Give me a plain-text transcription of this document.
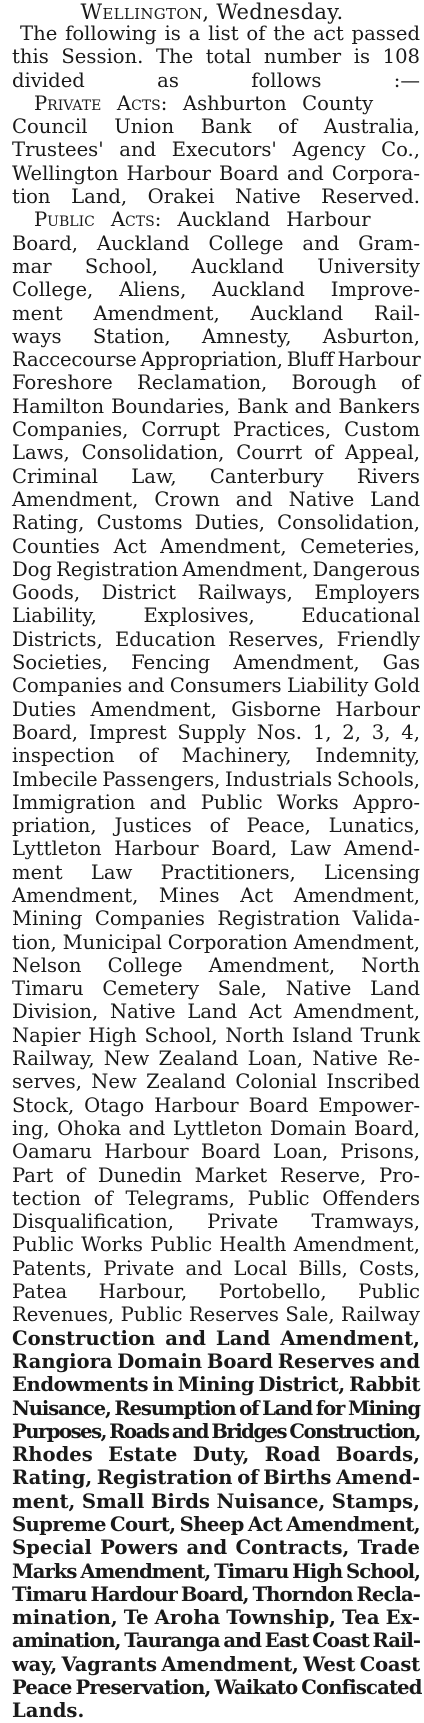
Wellington, Wednesday.
The following is a list of the act passed
this Session. The total number is 108
divided as follows :—
Private Acts: Ashburton County
Council Union Bank of Australia,
Trustees' and Executors' Agency Co.,
Wellington Harbour Board and Corpora-
tion Land, Orakei Native Reserved.
Public Acts: Auckland Harbour
Board, Auckland College and Gram-
mar School, Auckland University
College, Aliens, Auckland Improve-
ment Amendment, Auckland Rail-
ways Station, Amnesty, Asburton,
Raccecourse Appropriation, Bluff Harbour
Foreshore Reclamation, Borough of
Hamilton Boundaries, Bank and Bankers
Companies, Corrupt Practices, Custom
Laws, Consolidation, Courrt of Appeal,
Criminal Law, Canterbury Rivers
Amendment, Crown and Native Land
Rating, Customs Duties, Consolidation,
Counties Act Amendment, Cemeteries,
Dog Registration Amendment, Dangerous
Goods, District Railways, Employers
Liability, Explosives, Educational
Districts, Education Reserves, Friendly
Societies, Fencing Amendment, Gas
Companies and Consumers Liability Gold
Duties Amendment, Gisborne Harbour
Board, Imprest Supply Nos. 1, 2, 3, 4,
inspection of Machinery, Indemnity,
Imbecile Passengers, Industrials Schools,
Immigration and Public Works Appro-
priation, Justices of Peace, Lunatics,
Lyttleton Harbour Board, Law Amend-
ment Law Practitioners, Licensing
Amendment, Mines Act Amendment,
Mining Companies Registration Valida-
tion, Municipal Corporation Amendment,
Nelson College Amendment, North
Timaru Cemetery Sale, Native Land
Division, Native Land Act Amendment,
Napier High School, North Island Trunk
Railway, New Zealand Loan, Native Re-
serves, New Zealand Colonial Inscribed
Stock, Otago Harbour Board Empower-
ing, Ohoka and Lyttleton Domain Board,
Oamaru Harbour Board Loan, Prisons,
Part of Dunedin Market Reserve, Pro-
tection of Telegrams, Public Offenders
Disqualification, Private Tramways,
Public Works Public Health Amendment,
Patents, Private and Local Bills, Costs,
Patea Harbour, Portobello, Public
Revenues, Public Reserves Sale, Railway
Construction and Land Amendment,
Rangiora Domain Board Reserves and
Endowments in Mining District, Rabbit
Nuisance, Resumption of Land for Mining
Purposes, Roads and Bridges Construction,
Rhodes Estate Duty, Road Boards,
Rating, Registration of Births Amend-
ment, Small Birds Nuisance, Stamps,
Supreme Court, Sheep Act Amendment,
Special Powers and Contracts, Trade
Marks Amendment, Timaru High School,
Timaru Hardour Board, Thorndon Recla-
mination, Te Aroha Township, Tea Ex-
amination, Tauranga and East Coast Rail-
way, Vagrants Amendment, West Coast
Peace Preservation, Waikato Confiscated
Lands.
